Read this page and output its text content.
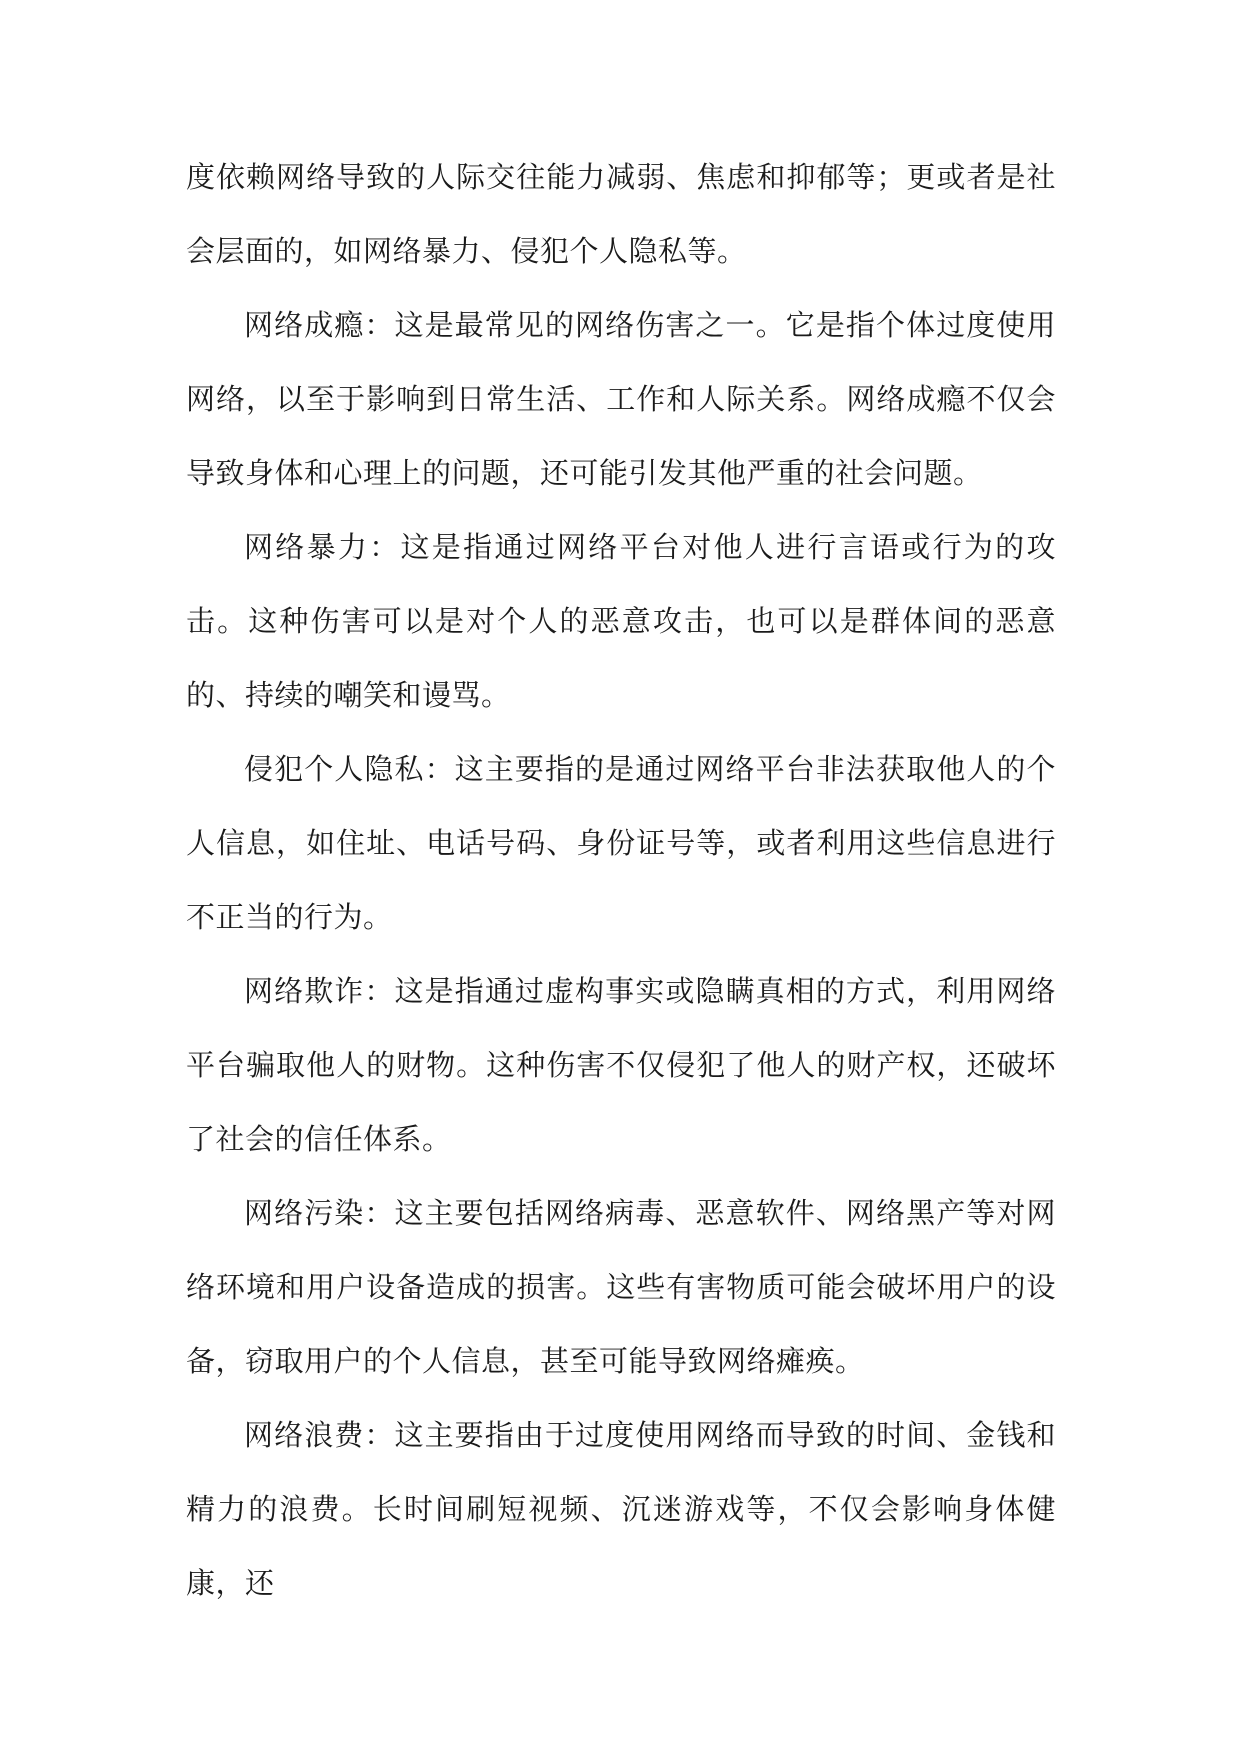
度依赖网络导致的人际交往能力减弱、焦虑和抑郁等；更或者是社会层面的，如网络暴力、侵犯个人隐私等。

网络成瘾：这是最常见的网络伤害之一。它是指个体过度使用网络，以至于影响到日常生活、工作和人际关系。网络成瘾不仅会导致身体和心理上的问题，还可能引发其他严重的社会问题。

网络暴力：这是指通过网络平台对他人进行言语或行为的攻击。这种伤害可以是对个人的恶意攻击，也可以是群体间的恶意的、持续的嘲笑和谩骂。

侵犯个人隐私：这主要指的是通过网络平台非法获取他人的个人信息，如住址、电话号码、身份证号等，或者利用这些信息进行不正当的行为。

网络欺诈：这是指通过虚构事实或隐瞒真相的方式，利用网络平台骗取他人的财物。这种伤害不仅侵犯了他人的财产权，还破坏了社会的信任体系。

网络污染：这主要包括网络病毒、恶意软件、网络黑产等对网络环境和用户设备造成的损害。这些有害物质可能会破坏用户的设备，窃取用户的个人信息，甚至可能导致网络瘫痪。

网络浪费：这主要指由于过度使用网络而导致的时间、金钱和精力的浪费。长时间刷短视频、沉迷游戏等，不仅会影响身体健康，还
